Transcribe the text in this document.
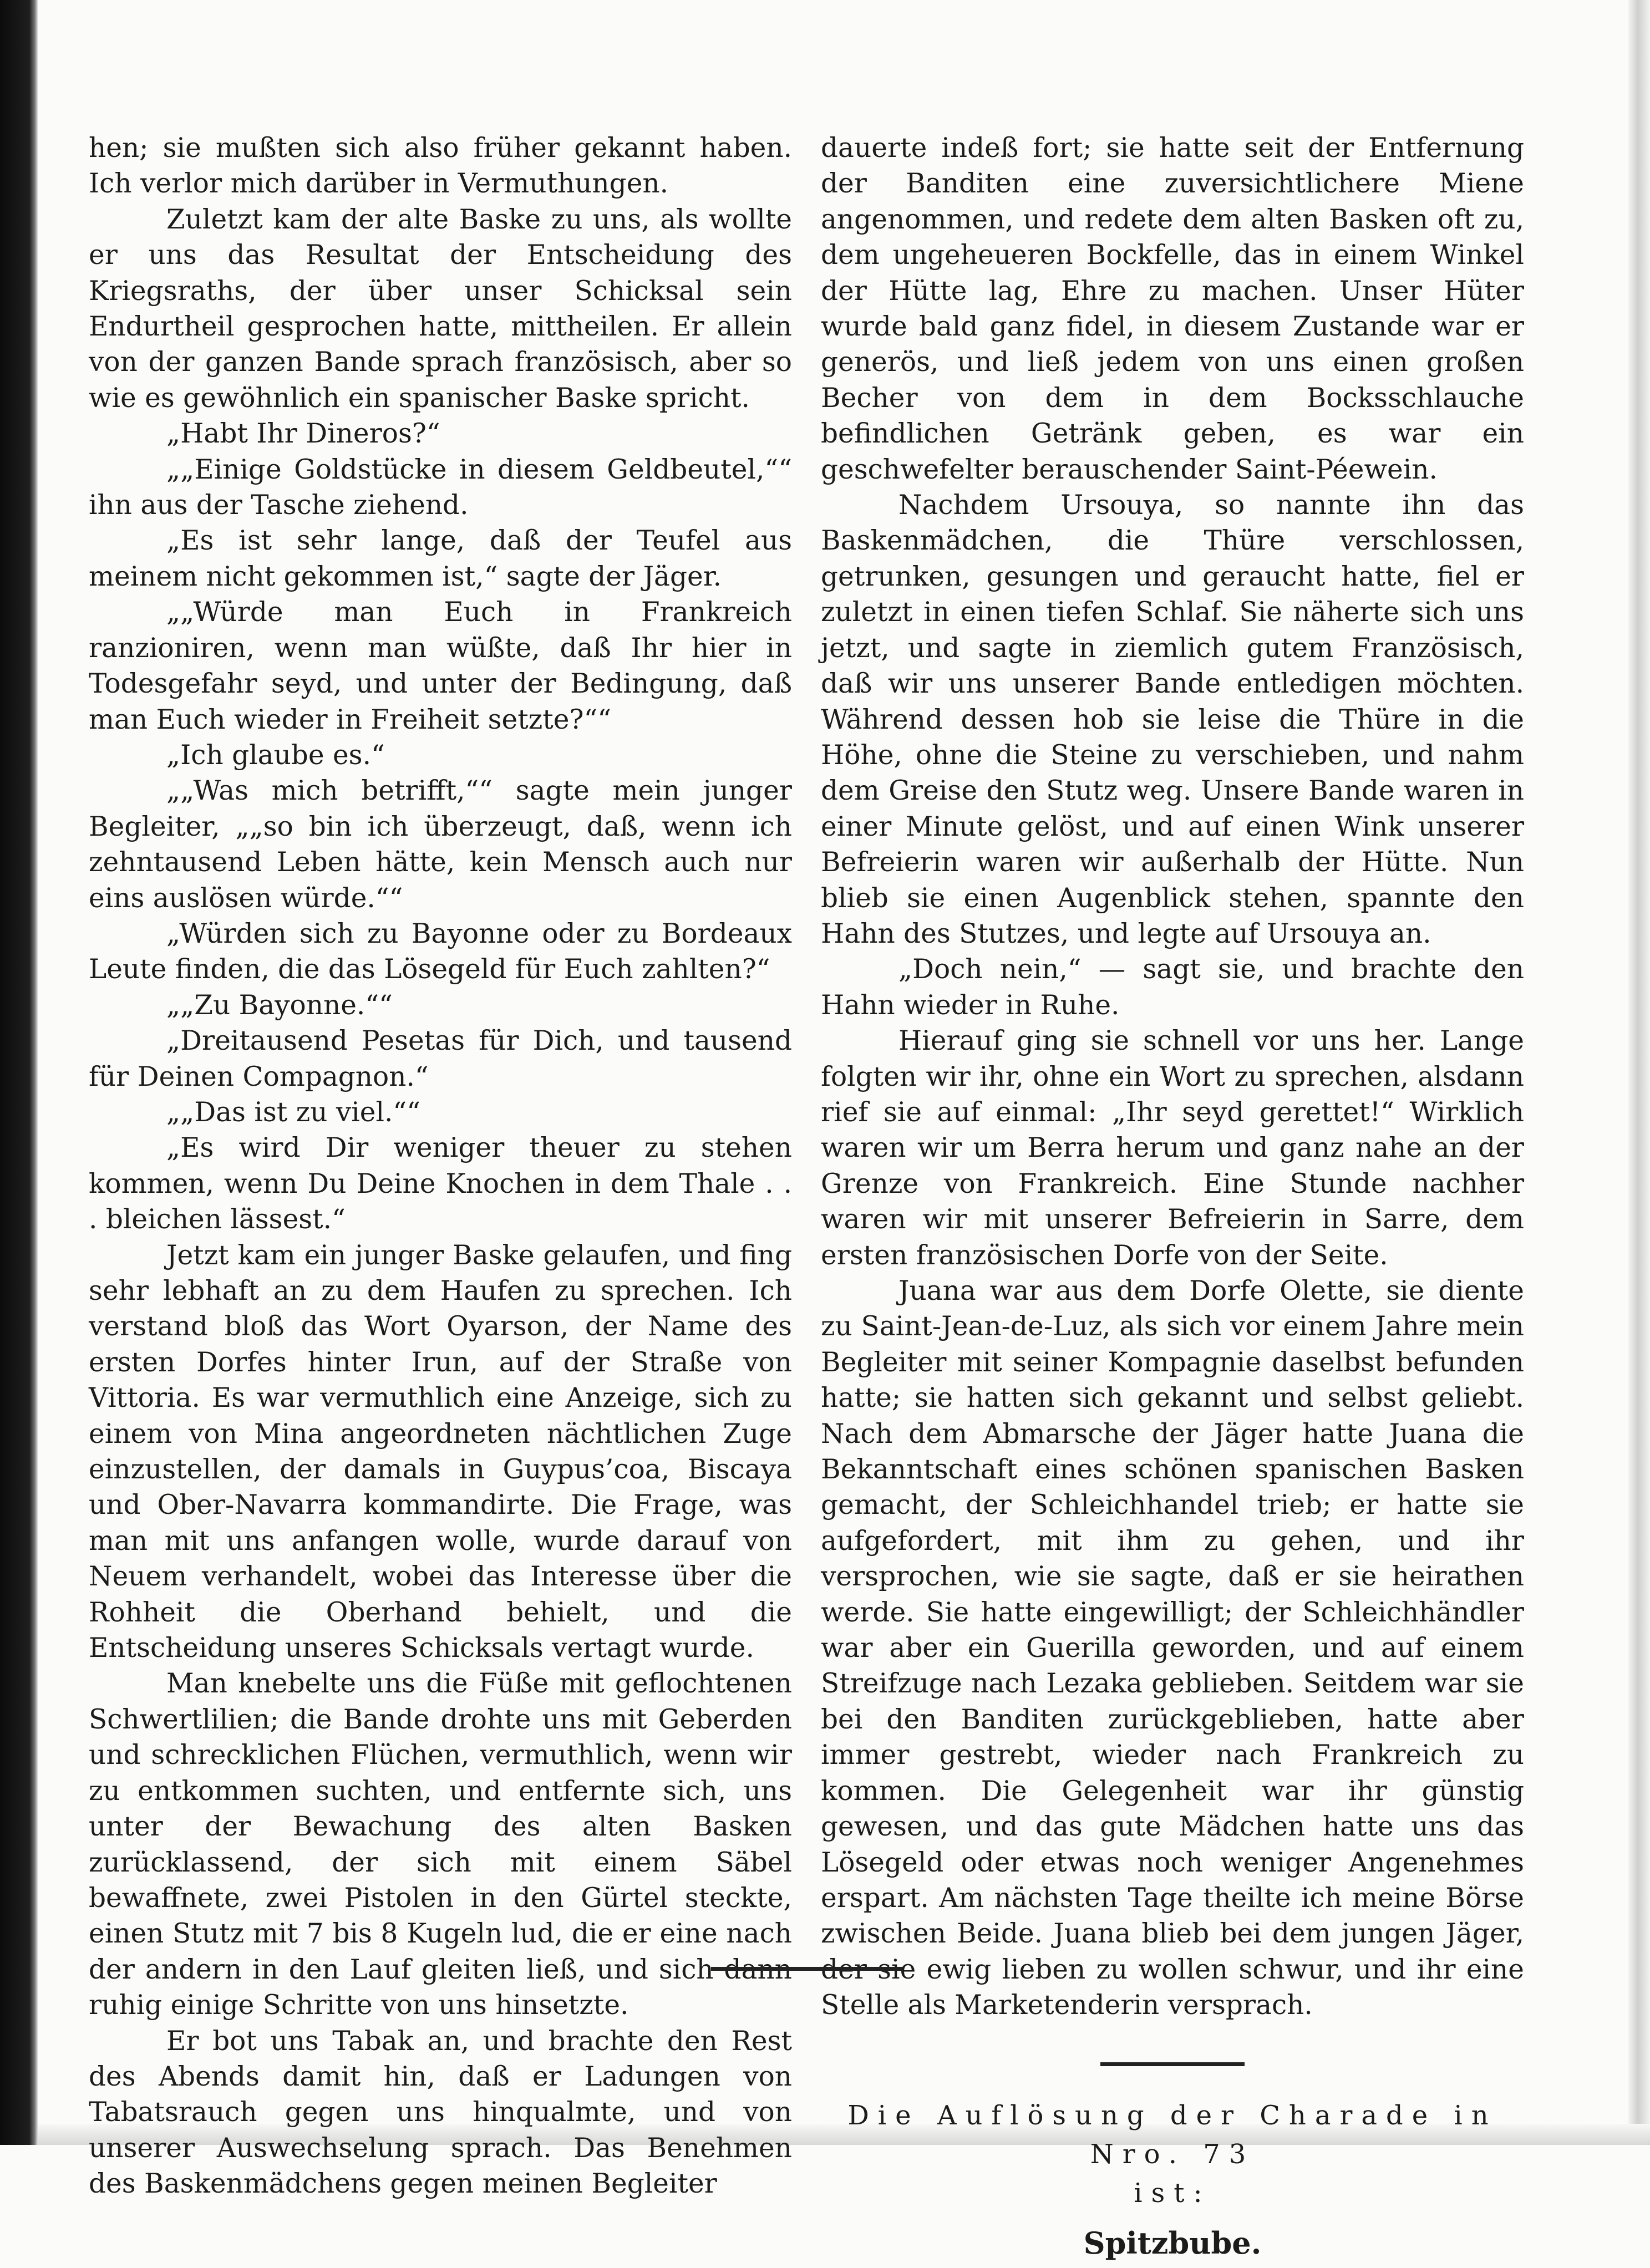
hen; sie mußten sich also früher gekannt haben. Ich verlor mich darüber in Vermuthungen.

Zuletzt kam der alte Baske zu uns, als wollte er uns das Resultat der Entscheidung des Kriegsraths, der über unser Schicksal sein Endurtheil gesprochen hatte, mittheilen. Er allein von der ganzen Bande sprach französisch, aber so wie es gewöhnlich ein spanischer Baske spricht.

„Habt Ihr Dineros?“

„„Einige Goldstücke in diesem Geldbeutel,““ ihn aus der Tasche ziehend.

„Es ist sehr lange, daß der Teufel aus meinem nicht gekommen ist,“ sagte der Jäger.

„„Würde man Euch in Frankreich ranzioniren, wenn man wüßte, daß Ihr hier in Todesgefahr seyd, und unter der Bedingung, daß man Euch wieder in Freiheit setzte?““

„Ich glaube es.“

„„Was mich betrifft,““ sagte mein junger Begleiter, „„so bin ich überzeugt, daß, wenn ich zehntausend Leben hätte, kein Mensch auch nur eins auslösen würde.““

„Würden sich zu Bayonne oder zu Bordeaux Leute finden, die das Lösegeld für Euch zahlten?“

„„Zu Bayonne.““

„Dreitausend Pesetas für Dich, und tausend für Deinen Compagnon.“

„„Das ist zu viel.““

„Es wird Dir weniger theuer zu stehen kommen, wenn Du Deine Knochen in dem Thale . . . bleichen lässest.“

Jetzt kam ein junger Baske gelaufen, und fing sehr lebhaft an zu dem Haufen zu sprechen. Ich verstand bloß das Wort Oyarson, der Name des ersten Dorfes hinter Irun, auf der Straße von Vittoria. Es war vermuthlich eine Anzeige, sich zu einem von Mina angeordneten nächtlichen Zuge einzustellen, der damals in Guypus’coa, Biscaya und Ober-Navarra kommandirte. Die Frage, was man mit uns anfangen wolle, wurde darauf von Neuem verhandelt, wobei das Interesse über die Rohheit die Oberhand behielt, und die Entscheidung unseres Schicksals vertagt wurde.

Man knebelte uns die Füße mit geflochtenen Schwertlilien; die Bande drohte uns mit Geberden und schrecklichen Flüchen, vermuthlich, wenn wir zu entkommen suchten, und entfernte sich, uns unter der Bewachung des alten Basken zurücklassend, der sich mit einem Säbel bewaffnete, zwei Pistolen in den Gürtel steckte, einen Stutz mit 7 bis 8 Kugeln lud, die er eine nach der andern in den Lauf gleiten ließ, und sich dann ruhig einige Schritte von uns hinsetzte.

Er bot uns Tabak an, und brachte den Rest des Abends damit hin, daß er Ladungen von Tabatsrauch gegen uns hinqualmte, und von unserer Auswechselung sprach. Das Benehmen des Baskenmädchens gegen meinen Begleiter

dauerte indeß fort; sie hatte seit der Entfernung der Banditen eine zuversichtlichere Miene angenommen, und redete dem alten Basken oft zu, dem ungeheueren Bockfelle, das in einem Winkel der Hütte lag, Ehre zu machen. Unser Hüter wurde bald ganz fidel, in diesem Zustande war er generös, und ließ jedem von uns einen großen Becher von dem in dem Bocksschlauche befindlichen Getränk geben, es war ein geschwefelter berauschender Saint-Péewein.

Nachdem Ursouya, so nannte ihn das Baskenmädchen, die Thüre verschlossen, getrunken, gesungen und geraucht hatte, fiel er zuletzt in einen tiefen Schlaf. Sie näherte sich uns jetzt, und sagte in ziemlich gutem Französisch, daß wir uns unserer Bande entledigen möchten. Während dessen hob sie leise die Thüre in die Höhe, ohne die Steine zu verschieben, und nahm dem Greise den Stutz weg. Unsere Bande waren in einer Minute gelöst, und auf einen Wink unserer Befreierin waren wir außerhalb der Hütte. Nun blieb sie einen Augenblick stehen, spannte den Hahn des Stutzes, und legte auf Ursouya an.

„Doch nein,“ — sagt sie, und brachte den Hahn wieder in Ruhe.

Hierauf ging sie schnell vor uns her. Lange folgten wir ihr, ohne ein Wort zu sprechen, alsdann rief sie auf einmal: „Ihr seyd gerettet!“ Wirklich waren wir um Berra herum und ganz nahe an der Grenze von Frankreich. Eine Stunde nachher waren wir mit unserer Befreierin in Sarre, dem ersten französischen Dorfe von der Seite.

Juana war aus dem Dorfe Olette, sie diente zu Saint-Jean-de-Luz, als sich vor einem Jahre mein Begleiter mit seiner Kompagnie daselbst befunden hatte; sie hatten sich gekannt und selbst geliebt. Nach dem Abmarsche der Jäger hatte Juana die Bekanntschaft eines schönen spanischen Basken gemacht, der Schleichhandel trieb; er hatte sie aufgefordert, mit ihm zu gehen, und ihr versprochen, wie sie sagte, daß er sie heirathen werde. Sie hatte eingewilligt; der Schleichhändler war aber ein Guerilla geworden, und auf einem Streifzuge nach Lezaka geblieben. Seitdem war sie bei den Banditen zurückgeblieben, hatte aber immer gestrebt, wieder nach Frankreich zu kommen. Die Gelegenheit war ihr günstig gewesen, und das gute Mädchen hatte uns das Lösegeld oder etwas noch weniger Angenehmes erspart. Am nächsten Tage theilte ich meine Börse zwischen Beide. Juana blieb bei dem jungen Jäger, der sie ewig lieben zu wollen schwur, und ihr eine Stelle als Marketenderin versprach.

Die Auflösung der Charade in Nro. 73
ist:
Spitzbube.
